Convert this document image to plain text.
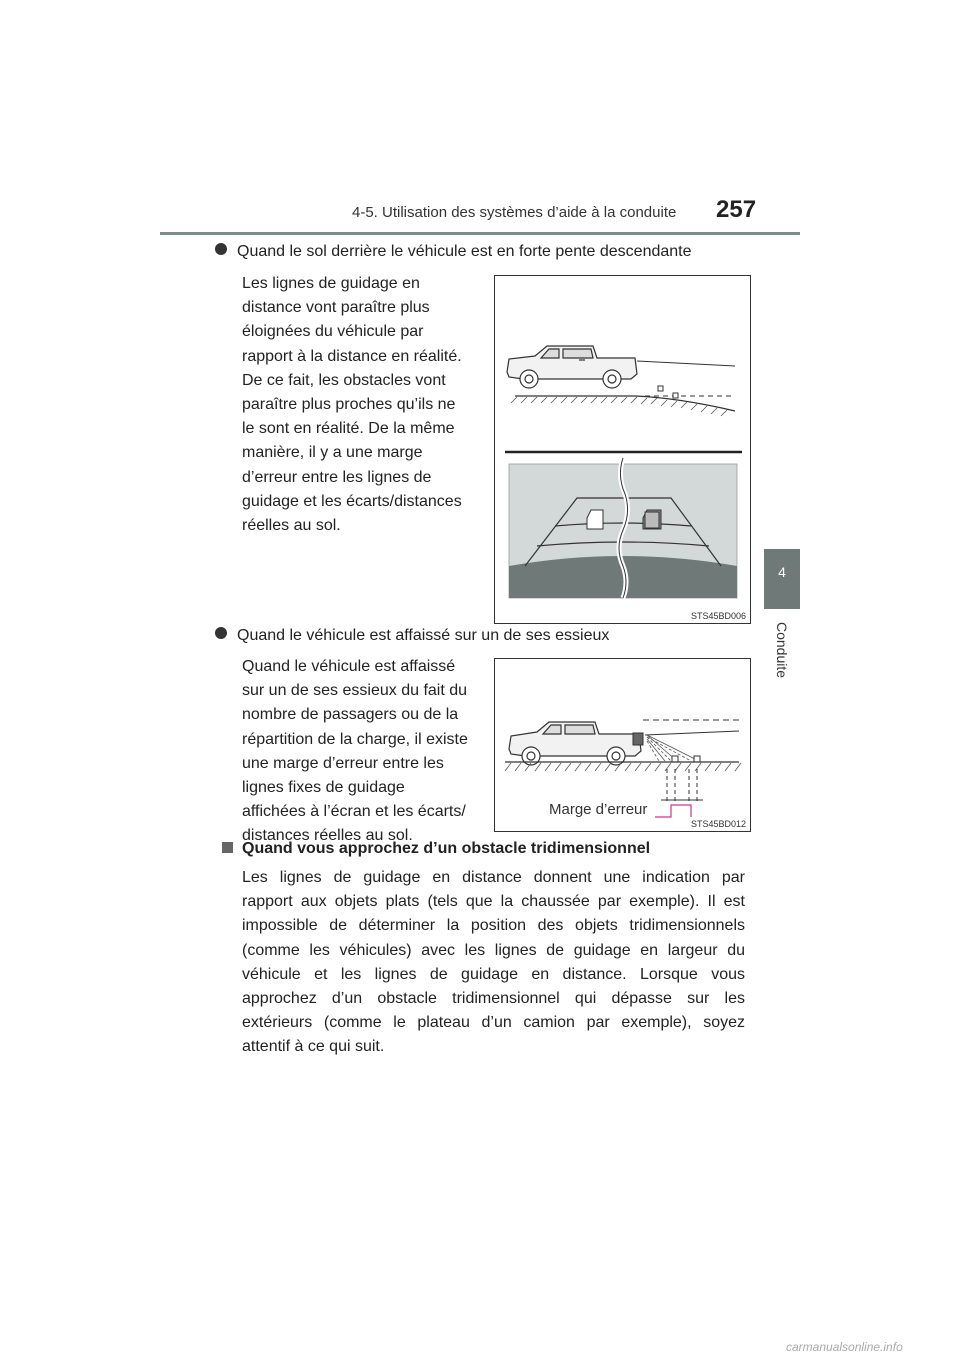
4-5. Utilisation des systèmes d’aide à la conduite 257
4
Conduite
Quand le sol derrière le véhicule est en forte pente descendante
Les lignes de guidage en
distance vont paraître plus
éloignées du véhicule par
rapport à la distance en réalité.
De ce fait, les obstacles vont
paraître plus proches qu’ils ne
le sont en réalité. De la même
manière, il y a une marge
d’erreur entre les lignes de
guidage et les écarts/distances
réelles au sol.
STS45BD006
Quand le véhicule est affaissé sur un de ses essieux
Quand le véhicule est affaissé
sur un de ses essieux du fait du
nombre de passagers ou de la
répartition de la charge, il existe
une marge d’erreur entre les
lignes fixes de guidage
affichées à l’écran et les écarts/
distances réelles au sol.
Marge d’erreur
STS45BD012
Quand vous approchez d’un obstacle tridimensionnel
Les lignes de guidage en distance donnent une indication par
rapport aux objets plats (tels que la chaussée par exemple). Il est
impossible de déterminer la position des objets tridimensionnels
(comme les véhicules) avec les lignes de guidage en largeur du
véhicule et les lignes de guidage en distance. Lorsque vous
approchez d’un obstacle tridimensionnel qui dépasse sur les
extérieurs (comme le plateau d’un camion par exemple), soyez
attentif à ce qui suit.
carmanualsonline.info
